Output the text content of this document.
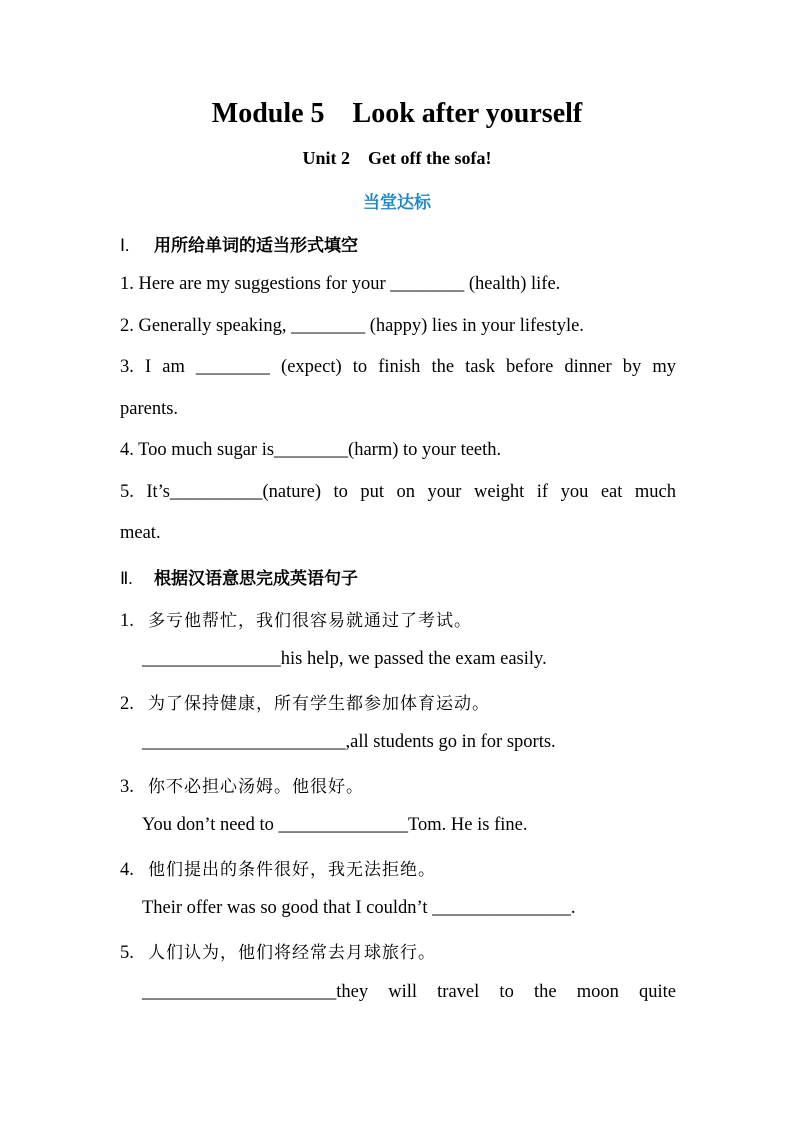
Module 5    Look after yourself
Unit 2    Get off the sofa!
当堂达标
Ⅰ. 用所给单词的适当形式填空
1. Here are my suggestions for your ________ (health) life.
2. Generally speaking, ________ (happy) lies in your lifestyle.
3. I am ________ (expect) to finish the task before dinner by my
parents.
4. Too much sugar is________(harm) to your teeth.
5. It’s__________(nature) to put on your weight if you eat much
meat.
Ⅱ. 根据汉语意思完成英语句子
1. 多亏他帮忙，我们很容易就通过了考试。
_______________his help, we passed the exam easily.
2. 为了保持健康，所有学生都参加体育运动。
______________________,all students go in for sports.
3. 你不必担心汤姆。他很好。
You don’t need to ______________Tom. He is fine.
4. 他们提出的条件很好，我无法拒绝。
Their offer was so good that I couldn’t _______________.
5. 人们认为，他们将经常去月球旅行。
_____________________they will travel to the moon quite
